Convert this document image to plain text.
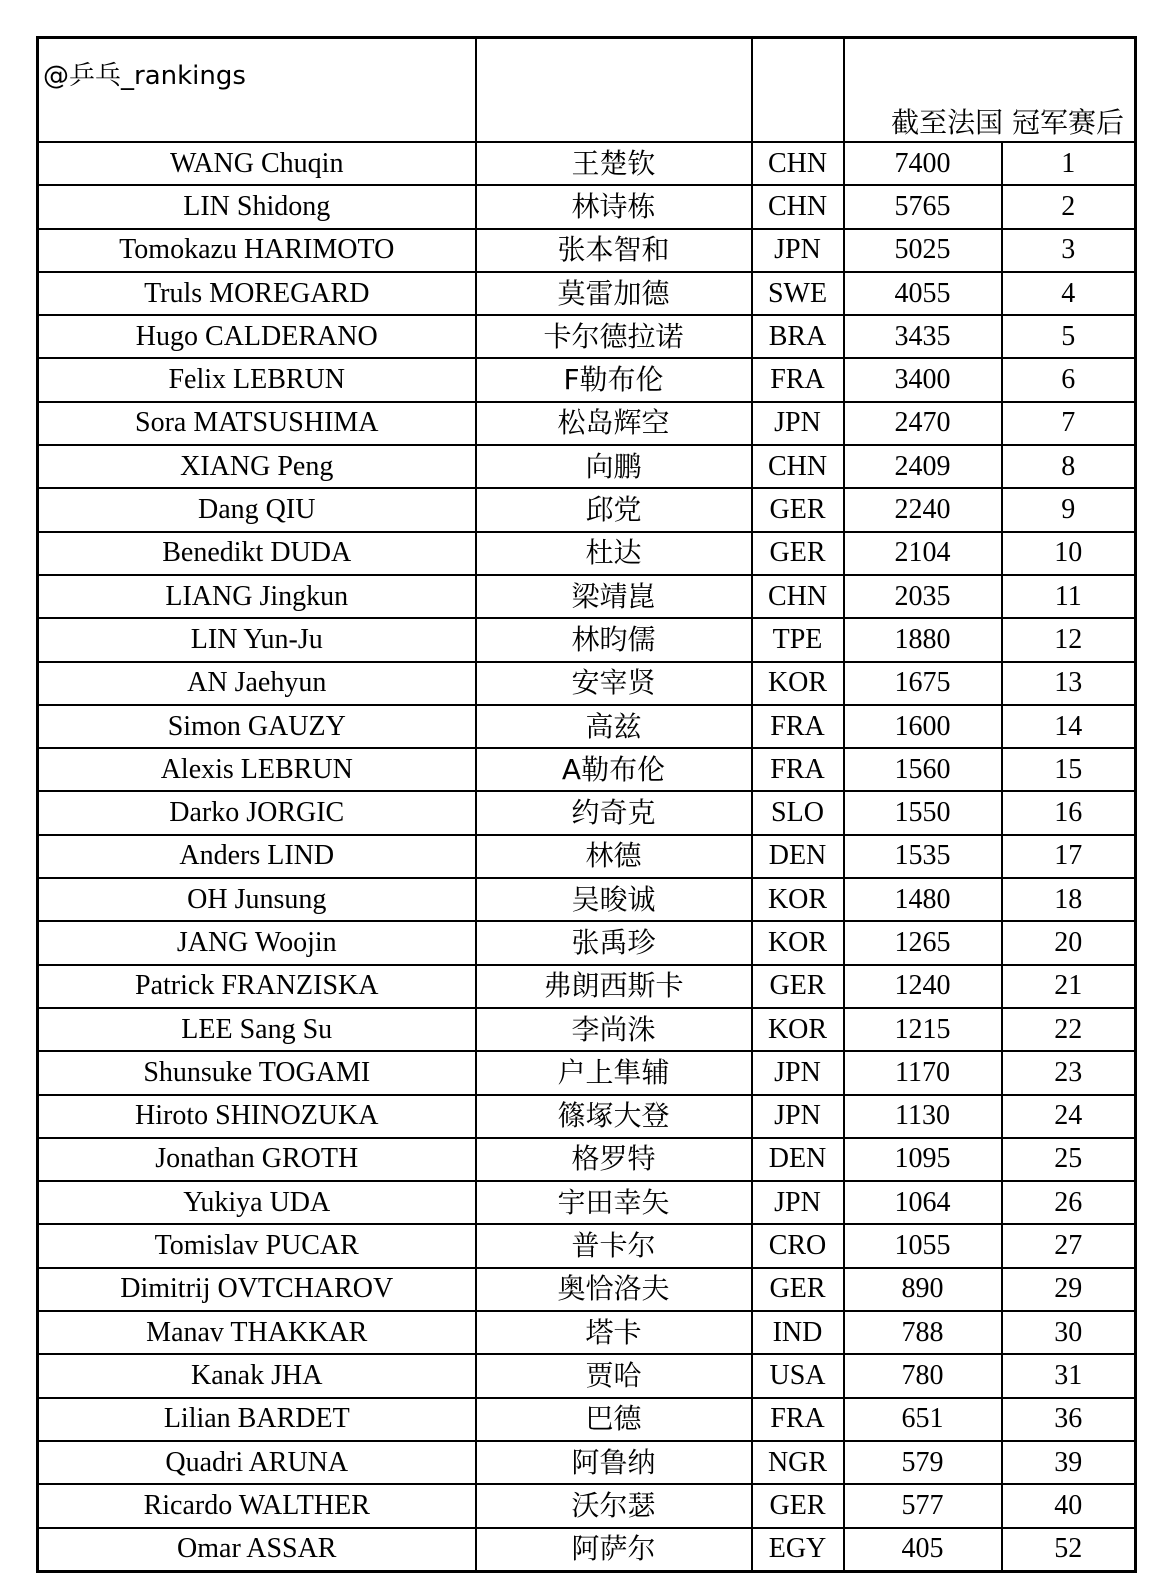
@乒乓_rankings			截至法国 冠军赛后	
WANG Chuqin	王楚钦	CHN	7400	1
LIN Shidong	林诗栋	CHN	5765	2
Tomokazu HARIMOTO	张本智和	JPN	5025	3
Truls MOREGARD	莫雷加德	SWE	4055	4
Hugo CALDERANO	卡尔德拉诺	BRA	3435	5
Felix LEBRUN	F勒布伦	FRA	3400	6
Sora MATSUSHIMA	松岛辉空	JPN	2470	7
XIANG Peng	向鹏	CHN	2409	8
Dang QIU	邱党	GER	2240	9
Benedikt DUDA	杜达	GER	2104	10
LIANG Jingkun	梁靖崑	CHN	2035	11
LIN Yun-Ju	林昀儒	TPE	1880	12
AN Jaehyun	安宰贤	KOR	1675	13
Simon GAUZY	高兹	FRA	1600	14
Alexis LEBRUN	A勒布伦	FRA	1560	15
Darko JORGIC	约奇克	SLO	1550	16
Anders LIND	林德	DEN	1535	17
OH Junsung	吴晙诚	KOR	1480	18
JANG Woojin	张禹珍	KOR	1265	20
Patrick FRANZISKA	弗朗西斯卡	GER	1240	21
LEE Sang Su	李尚洙	KOR	1215	22
Shunsuke TOGAMI	户上隼辅	JPN	1170	23
Hiroto SHINOZUKA	篠塚大登	JPN	1130	24
Jonathan GROTH	格罗特	DEN	1095	25
Yukiya UDA	宇田幸矢	JPN	1064	26
Tomislav PUCAR	普卡尔	CRO	1055	27
Dimitrij OVTCHAROV	奥恰洛夫	GER	890	29
Manav THAKKAR	塔卡	IND	788	30
Kanak JHA	贾哈	USA	780	31
Lilian BARDET	巴德	FRA	651	36
Quadri ARUNA	阿鲁纳	NGR	579	39
Ricardo WALTHER	沃尔瑟	GER	577	40
Omar ASSAR	阿萨尔	EGY	405	52
